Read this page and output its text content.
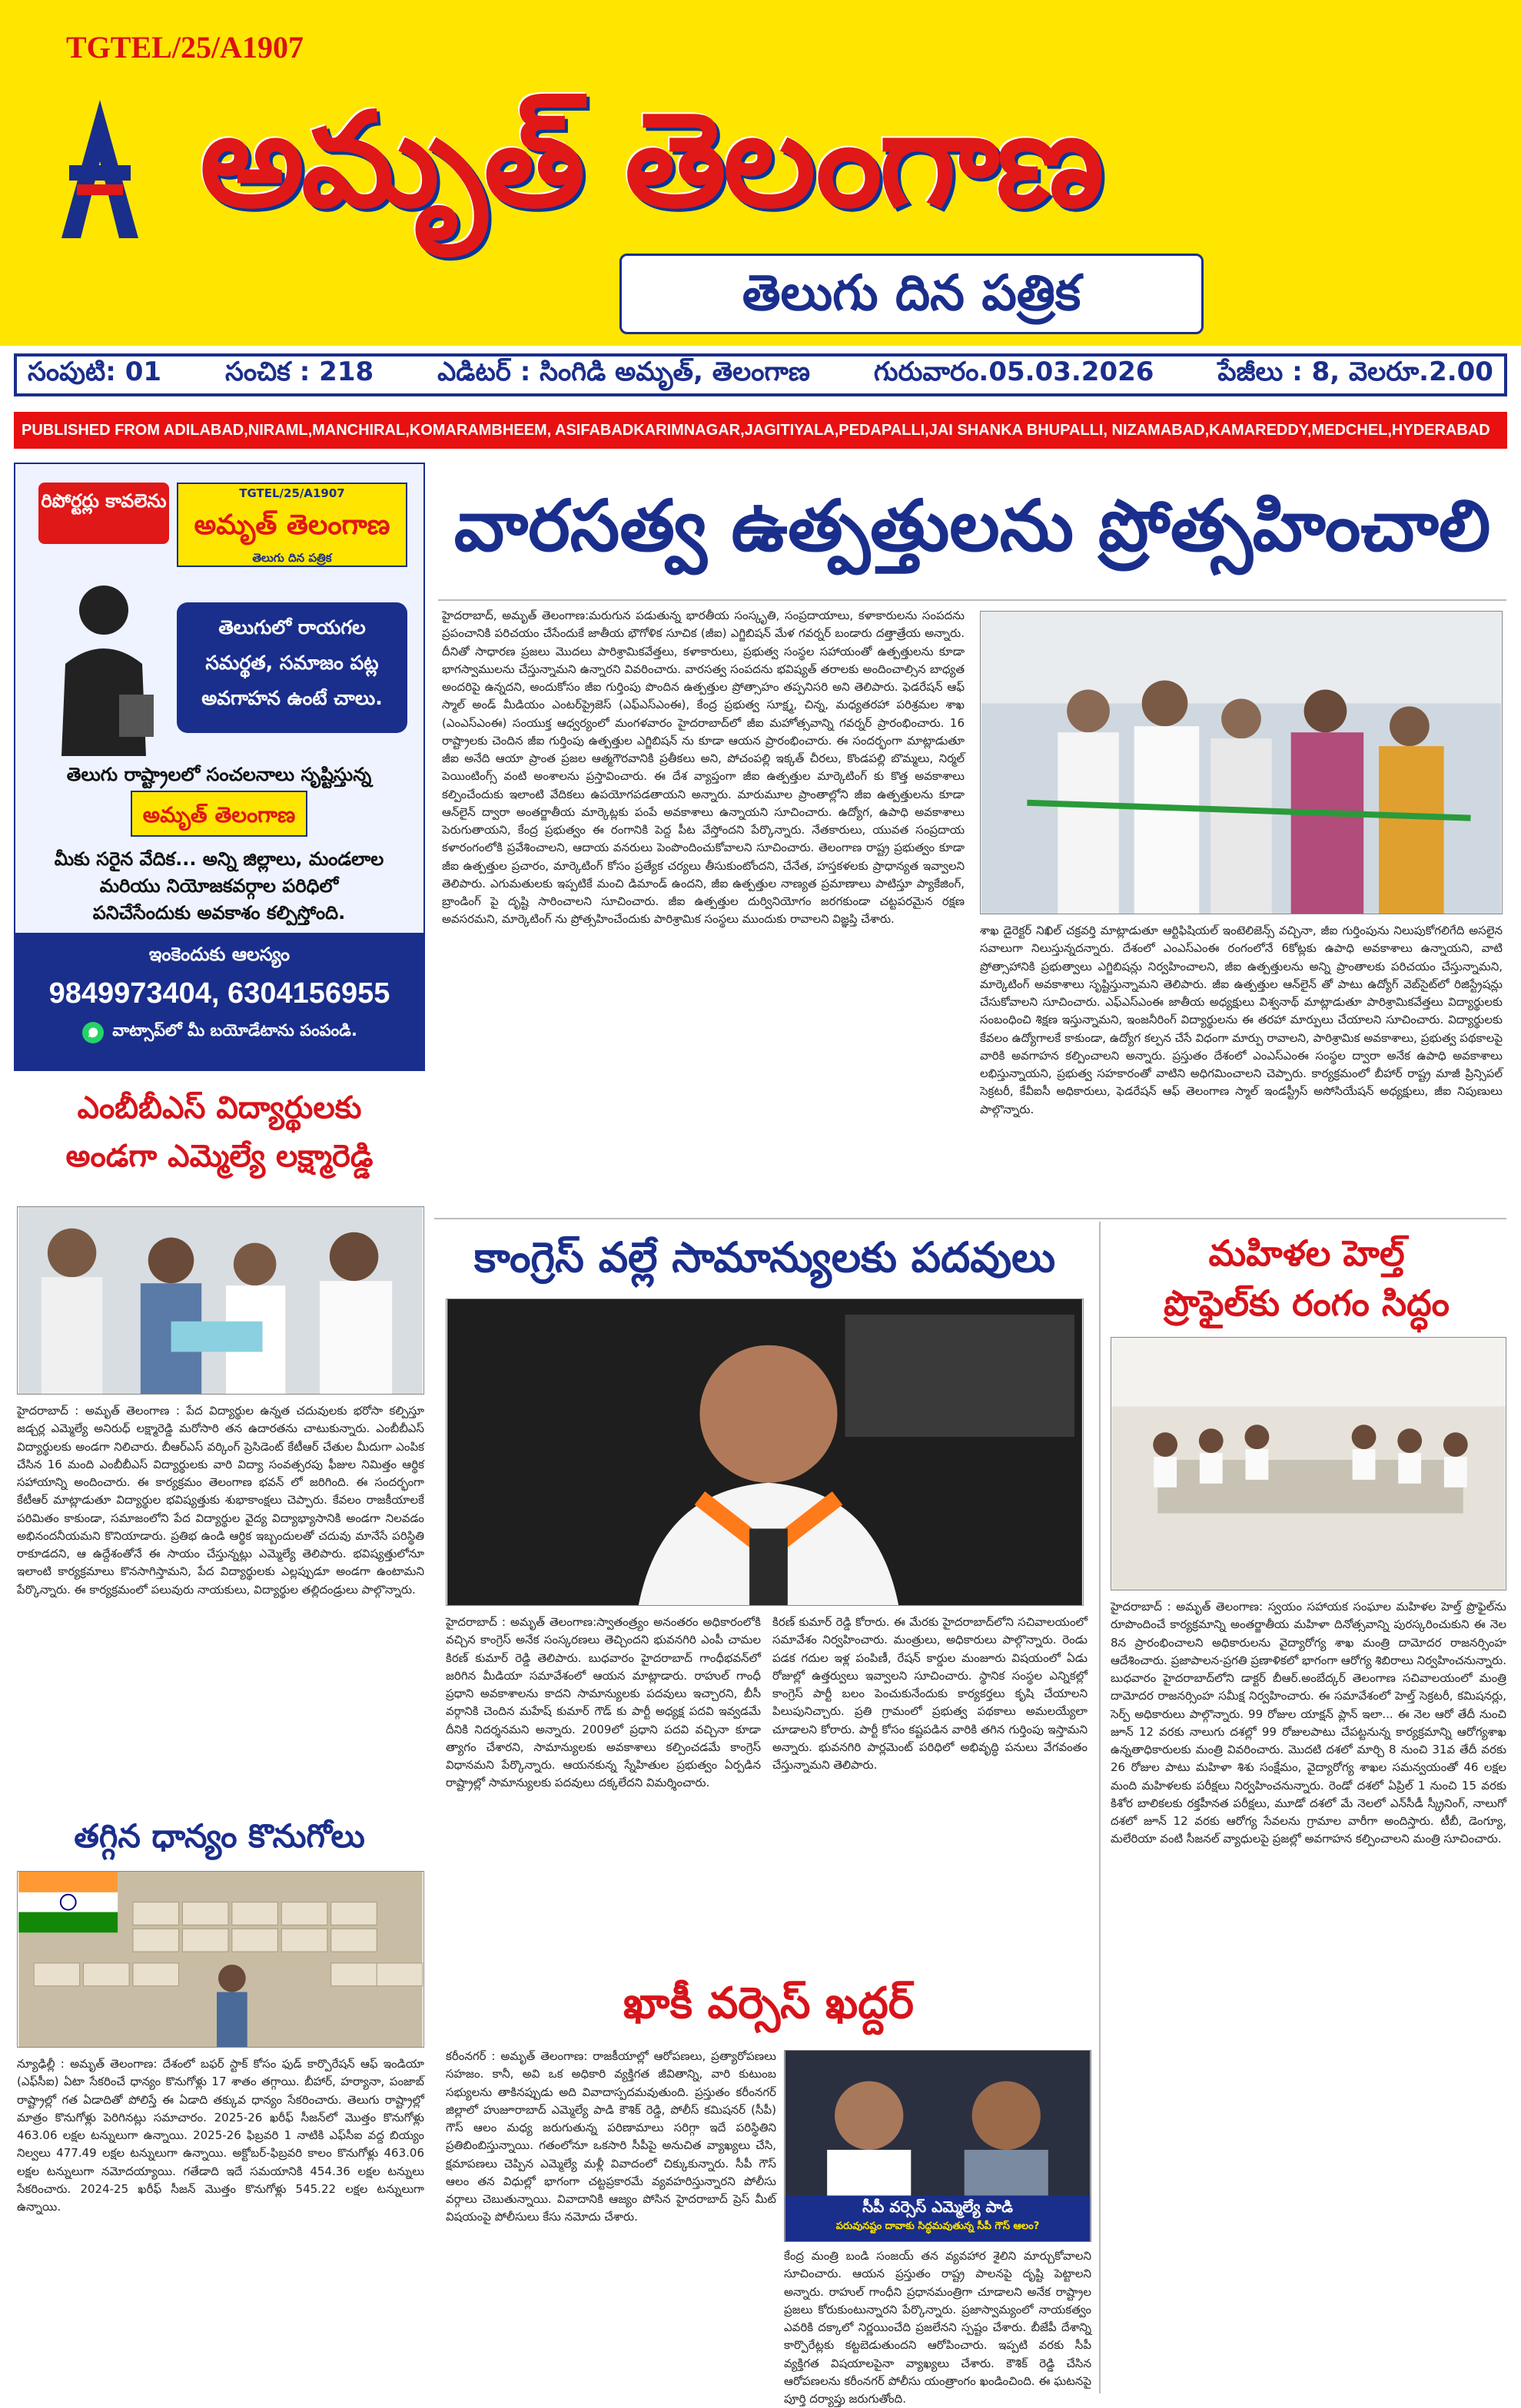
TGTEL/25/A1907
అమృత్ తెలంగాణ
తెలుగు దిన పత్రిక
సంపుటి: 01 సంచిక : 218 ఎడిటర్ : సింగిడి అమృత్, తెలంగాణ గురువారం.05.03.2026 పేజీలు : 8, వెలరూ.2.00
PUBLISHED FROM ADILABAD,NIRAML,MANCHIRAL,KOMARAMBHEEM, ASIFABADKARIMNAGAR,JAGITIYALA,PEDAPALLI,JAI SHANKA BHUPALLI, NIZAMABAD,KAMAREDDY,MEDCHEL,HYDERABAD
రిపోర్టర్లు కావలెను	TGTEL/25/A1907
అమృత్ తెలంగాణ
తెలుగు దిన పత్రిక
తెలుగులో రాయగల
సమర్థత, సమాజం పట్ల
అవగాహన ఉంటే చాలు.
తెలుగు రాష్ట్రాలలో సంచలనాలు సృష్టిస్తున్న
అమృత్ తెలంగాణ
మీకు సరైన వేదిక... అన్ని జిల్లాలు, మండలాల
మరియు నియోజకవర్గాల పరిధిలో
పనిచేసేందుకు అవకాశం కల్పిస్తోంది.
ఇంకెందుకు ఆలస్యం
9849973404, 6304156955
వాట్సాప్‌లో మీ బయోడేటాను పంపండి.
వారసత్వ ఉత్పత్తులను ప్రోత్సహించాలి
హైదరాబాద్, అమృత్ తెలంగాణ:మరుగున పడుతున్న భారతీయ సంస్కృతి, సంప్రదాయాలు, కళాకారులను సంపదను ప్రపంచానికి పరిచయం చేసేందుకే జాతీయ భౌగోళిక సూచిక (జీఐ) ఎగ్జిబిషన్ మేళ గవర్నర్ బండారు దత్తాత్రేయ అన్నారు. దీనితో సాధారణ ప్రజలు మొదలు పారిశ్రామికవేత్తలు, కళాకారులు, ప్రభుత్వ సంస్థల సహాయంతో ఉత్పత్తులను కూడా భాగస్వాములను చేస్తున్నామని ఉన్నారని వివరించారు. వారసత్వ సంపదను భవిష్యత్ తరాలకు అందించాల్సిన బాధ్యత అందరిపై ఉన్నదని, అందుకోసం జీఐ గుర్తింపు పొందిన ఉత్పత్తుల ప్రోత్సాహం తప్పనిసరి అని తెలిపారు. ఫెడరేషన్ ఆఫ్ స్మాల్ అండ్ మీడియం ఎంటర్‌ప్రైజెస్ (ఎఫ్ఎస్ఎంఈ), కేంద్ర ప్రభుత్వ సూక్ష్మ, చిన్న, మధ్యతరహా పరిశ్రమల శాఖ (ఎంఎస్ఎంఈ) సంయుక్త ఆధ్వర్యంలో మంగళవారం హైదరాబాద్‌లో జీఐ మహోత్సవాన్ని గవర్నర్ ప్రారంభించారు. 16 రాష్ట్రాలకు చెందిన జీఐ గుర్తింపు ఉత్పత్తుల ఎగ్జిబిషన్ ను కూడా ఆయన ప్రారంభించారు. ఈ సందర్భంగా మాట్లాడుతూ జీఐ అనేది ఆయా ప్రాంత ప్రజల ఆత్మగౌరవానికి ప్రతీకలు అని, పోచంపల్లి ఇక్కత్ చీరలు, కొండపల్లి బొమ్మలు, నిర్మల్ పెయింటింగ్స్ వంటి అంశాలను ప్రస్తావించారు. ఈ దేశ వ్యాప్తంగా జీఐ ఉత్పత్తుల మార్కెటింగ్ కు కొత్త అవకాశాలు కల్పించేందుకు ఇలాంటి వేదికలు ఉపయోగపడతాయని అన్నారు. మారుమూల ప్రాంతాల్లోని జీఐ ఉత్పత్తులను కూడా ఆన్‌లైన్ ద్వారా అంతర్జాతీయ మార్కెట్లకు పంపే అవకాశాలు ఉన్నాయని సూచించారు. ఉద్యోగ, ఉపాధి అవకాశాలు పెరుగుతాయని, కేంద్ర ప్రభుత్వం ఈ రంగానికి పెద్ద పీట వేస్తోందని పేర్కొన్నారు. నేతకారులు, యువత సంప్రదాయ కళారంగంలోకి ప్రవేశించాలని, ఆదాయ వనరులు పెంపొందించుకోవాలని సూచించారు. తెలంగాణ రాష్ట్ర ప్రభుత్వం కూడా జీఐ ఉత్పత్తుల ప్రచారం, మార్కెటింగ్ కోసం ప్రత్యేక చర్యలు తీసుకుంటోందని, చేనేత, హస్తకళలకు ప్రాధాన్యత ఇవ్వాలని తెలిపారు. ఎగుమతులకు ఇప్పటికే మంచి డిమాండ్ ఉందని, జీఐ ఉత్పత్తుల నాణ్యత ప్రమాణాలు పాటిస్తూ ప్యాకేజింగ్, బ్రాండింగ్ పై దృష్టి సారించాలని సూచించారు. జీఐ ఉత్పత్తుల దుర్వినియోగం జరగకుండా చట్టపరమైన రక్షణ అవసరమని, మార్కెటింగ్ ను ప్రోత్సహించేందుకు పారిశ్రామిక సంస్థలు ముందుకు రావాలని విజ్ఞప్తి చేశారు.
శాఖ డైరెక్టర్ నిఖిల్ చక్రవర్తి మాట్లాడుతూ ఆర్టిఫిషియల్ ఇంటెలిజెన్స్ వచ్చినా, జీఐ గుర్తింపును నిలుపుకోగలిగేది అసలైన సవాలుగా నిలుస్తున్నదన్నారు. దేశంలో ఎంఎస్ఎంఈ రంగంలోనే 6కోట్లకు ఉపాధి అవకాశాలు ఉన్నాయని, వాటి ప్రోత్సాహానికి ప్రభుత్వాలు ఎగ్జిబిషన్లు నిర్వహించాలని, జీఐ ఉత్పత్తులను అన్ని ప్రాంతాలకు పరిచయం చేస్తున్నామని, మార్కెటింగ్ అవకాశాలు సృష్టిస్తున్నామని తెలిపారు. జీఐ ఉత్పత్తుల ఆన్‌లైన్ తో పాటు ఉద్యోగ్ వెబ్‌సైట్‌లో రిజిస్ట్రేషన్లు చేసుకోవాలని సూచించారు. ఎఫ్ఎస్ఎంఈ జాతీయ అధ్యక్షులు విశ్వనాథ్ మాట్లాడుతూ పారిశ్రామికవేత్తలు విద్యార్థులకు సంబంధించి శిక్షణ ఇస్తున్నామని, ఇంజనీరింగ్ విద్యార్థులను ఈ తరహా మార్పులు చేయాలని సూచించారు. విద్యార్థులకు కేవలం ఉద్యోగాలకే కాకుండా, ఉద్యోగ కల్పన చేసే విధంగా మార్పు రావాలని, పారిశ్రామిక అవకాశాలు, ప్రభుత్వ పథకాలపై వారికి అవగాహన కల్పించాలని అన్నారు. ప్రస్తుతం దేశంలో ఎంఎస్ఎంఈ సంస్థల ద్వారా అనేక ఉపాధి అవకాశాలు లభిస్తున్నాయని, ప్రభుత్వ సహకారంతో వాటిని అధిగమించాలని చెప్పారు. కార్యక్రమంలో బీహార్ రాష్ట్ర మాజీ ప్రిన్సిపల్ సెక్రటరీ, కేవీఐసీ అధికారులు, ఫెడరేషన్ ఆఫ్ తెలంగాణ స్మాల్ ఇండస్ట్రీస్ అసోసియేషన్ అధ్యక్షులు, జీఐ నిపుణులు పాల్గొన్నారు.
ఎంబీబీఎస్ విద్యార్థులకు
అండగా ఎమ్మెల్యే లక్ష్మారెడ్డి
హైదరాబాద్ : అమృత్ తెలంగాణ : పేద విద్యార్థుల ఉన్నత చదువులకు భరోసా కల్పిస్తూ జడ్చర్ల ఎమ్మెల్యే అనిరుధ్ లక్ష్మారెడ్డి మరోసారి తన ఉదారతను చాటుకున్నారు. ఎంబీబీఎస్ విద్యార్థులకు అండగా నిలిచారు. బీఆర్ఎస్ వర్కింగ్ ప్రెసిడెంట్ కేటీఆర్ చేతుల మీదుగా ఎంపిక చేసిన 16 మంది ఎంబీబీఎస్ విద్యార్థులకు వారి విద్యా సంవత్సరపు ఫీజుల నిమిత్తం ఆర్థిక సహాయాన్ని అందించారు. ఈ కార్యక్రమం తెలంగాణ భవన్ లో జరిగింది. ఈ సందర్భంగా కేటీఆర్ మాట్లాడుతూ విద్యార్థుల భవిష్యత్తుకు శుభాకాంక్షలు చెప్పారు. కేవలం రాజకీయాలకే పరిమితం కాకుండా, సమాజంలోని పేద విద్యార్థుల వైద్య విద్యాభ్యాసానికి అండగా నిలవడం అభినందనీయమని కొనియాడారు. ప్రతిభ ఉండి ఆర్థిక ఇబ్బందులతో చదువు మానేసే పరిస్థితి రాకూడదని, ఆ ఉద్దేశంతోనే ఈ సాయం చేస్తున్నట్లు ఎమ్మెల్యే తెలిపారు. భవిష్యత్తులోనూ ఇలాంటి కార్యక్రమాలు కొనసాగిస్తామని, పేద విద్యార్థులకు ఎల్లప్పుడూ అండగా ఉంటామని పేర్కొన్నారు. ఈ కార్యక్రమంలో పలువురు నాయకులు, విద్యార్థుల తల్లిదండ్రులు పాల్గొన్నారు.
తగ్గిన ధాన్యం కొనుగోలు
న్యూఢిల్లీ : అమృత్ తెలంగాణ: దేశంలో బఫర్ స్టాక్ కోసం ఫుడ్ కార్పొరేషన్ ఆఫ్ ఇండియా (ఎఫ్‌సీఐ) ఏటా సేకరించే ధాన్యం కొనుగోళ్లు 17 శాతం తగ్గాయి. బీహార్, హర్యానా, పంజాబ్ రాష్ట్రాల్లో గత ఏడాదితో పోలిస్తే ఈ ఏడాది తక్కువ ధాన్యం సేకరించారు. తెలుగు రాష్ట్రాల్లో మాత్రం కొనుగోళ్లు పెరిగినట్లు సమాచారం. 2025-26 ఖరీఫ్ సీజన్‌లో మొత్తం కొనుగోళ్లు 463.06 లక్షల టన్నులుగా ఉన్నాయి. 2025-26 ఫిబ్రవరి 1 నాటికి ఎఫ్‌సీఐ వద్ద బియ్యం నిల్వలు 477.49 లక్షల టన్నులుగా ఉన్నాయి. అక్టోబర్-ఫిబ్రవరి కాలం కొనుగోళ్లు 463.06 లక్షల టన్నులుగా నమోదయ్యాయి. గతేడాది ఇదే సమయానికి 454.36 లక్షల టన్నులు సేకరించారు. 2024-25 ఖరీఫ్ సీజన్ మొత్తం కొనుగోళ్లు 545.22 లక్షల టన్నులుగా ఉన్నాయి.
కాంగ్రెస్ వల్లే సామాన్యులకు పదవులు
హైదరాబాద్ : అమృత్ తెలంగాణ:స్వాతంత్ర్యం అనంతరం అధికారంలోకి వచ్చిన కాంగ్రెస్ అనేక సంస్కరణలు తెచ్చిందని భువనగిరి ఎంపీ చామల కిరణ్ కుమార్ రెడ్డి తెలిపారు. బుధవారం హైదరాబాద్ గాంధీభవన్‌లో జరిగిన మీడియా సమావేశంలో ఆయన మాట్లాడారు. రాహుల్ గాంధీ ప్రధాని అవకాశాలను కాదని సామాన్యులకు పదవులు ఇచ్చారని, బీసీ వర్గానికి చెందిన మహేష్ కుమార్ గౌడ్ కు పార్టీ అధ్యక్ష పదవి ఇవ్వడమే దీనికి నిదర్శనమని అన్నారు. 2009లో ప్రధాని పదవి వచ్చినా కూడా త్యాగం చేశారని, సామాన్యులకు అవకాశాలు కల్పించడమే కాంగ్రెస్ విధానమని పేర్కొన్నారు. ఆయనకున్న స్నేహితుల ప్రభుత్వం ఏర్పడిన రాష్ట్రాల్లో సామాన్యులకు పదవులు దక్కలేదని విమర్శించారు.
కిరణ్ కుమార్ రెడ్డి కోరారు. ఈ మేరకు హైదరాబాద్‌లోని సచివాలయంలో సమావేశం నిర్వహించారు. మంత్రులు, అధికారులు పాల్గొన్నారు. రెండు పడక గదుల ఇళ్ల పంపిణీ, రేషన్ కార్డుల మంజూరు విషయంలో ఏడు రోజుల్లో ఉత్తర్వులు ఇవ్వాలని సూచించారు. స్థానిక సంస్థల ఎన్నికల్లో కాంగ్రెస్ పార్టీ బలం పెంచుకునేందుకు కార్యకర్తలు కృషి చేయాలని పిలుపునిచ్చారు. ప్రతి గ్రామంలో ప్రభుత్వ పథకాలు అమలయ్యేలా చూడాలని కోరారు. పార్టీ కోసం కష్టపడిన వారికి తగిన గుర్తింపు ఇస్తామని అన్నారు. భువనగిరి పార్లమెంట్ పరిధిలో అభివృద్ధి పనులు వేగవంతం చేస్తున్నామని తెలిపారు.
ఖాకీ వర్సెస్ ఖద్దర్
కరీంనగర్ : అమృత్ తెలంగాణ: రాజకీయాల్లో ఆరోపణలు, ప్రత్యారోపణలు సహజం. కానీ, అవి ఒక అధికారి వ్యక్తిగత జీవితాన్ని, వారి కుటుంబ సభ్యులను తాకినప్పుడు అది వివాదాస్పదమవుతుంది. ప్రస్తుతం కరీంనగర్ జిల్లాలో హుజూరాబాద్ ఎమ్మెల్యే పాడి కౌశిక్ రెడ్డి, పోలీస్ కమిషనర్ (సీపీ) గౌస్ ఆలం మధ్య జరుగుతున్న పరిణామాలు సరిగ్గా ఇదే పరిస్థితిని ప్రతిబింబిస్తున్నాయి. గతంలోనూ ఒకసారి సీపీపై అనుచిత వ్యాఖ్యలు చేసి, క్షమాపణలు చెప్పిన ఎమ్మెల్యే మళ్లీ వివాదంలో చిక్కుకున్నారు. సీపీ గౌస్ ఆలం తన విధుల్లో భాగంగా చట్టప్రకారమే వ్యవహరిస్తున్నారని పోలీసు వర్గాలు చెబుతున్నాయి. వివాదానికి ఆజ్యం పోసిన హైదరాబాద్ ప్రెస్ మీట్ విషయంపై పోలీసులు కేసు నమోదు చేశారు.
సీపీ వర్సెస్ ఎమ్మెల్యే పాడి
పరువునష్టం దావాకు సిద్ధమవుతున్న సీపీ గౌస్ ఆలం?
కేంద్ర మంత్రి బండి సంజయ్ తన వ్యవహార శైలిని మార్చుకోవాలని సూచించారు. ఆయన ప్రస్తుతం రాష్ట్ర పాలనపై దృష్టి పెట్టాలని అన్నారు. రాహుల్ గాంధీని ప్రధానమంత్రిగా చూడాలని అనేక రాష్ట్రాల ప్రజలు కోరుకుంటున్నారని పేర్కొన్నారు. ప్రజాస్వామ్యంలో నాయకత్వం ఎవరికి దక్కాలో నిర్ణయించేది ప్రజలేనని స్పష్టం చేశారు. బీజేపీ దేశాన్ని కార్పొరేట్లకు కట్టబెడుతుందని ఆరోపించారు. ఇప్పటి వరకు సీపీ వ్యక్తిగత విషయాలపైనా వ్యాఖ్యలు చేశారు. కౌశిక్ రెడ్డి చేసిన ఆరోపణలను కరీంనగర్ పోలీసు యంత్రాంగం ఖండించింది. ఈ ఘటనపై పూర్తి దర్యాప్తు జరుగుతోంది.
మహిళల హెల్త్
ప్రొఫైల్‌కు రంగం సిద్ధం
హైదరాబాద్ : అమృత్ తెలంగాణ: స్వయం సహాయక సంఘాల మహిళల హెల్త్ ప్రొఫైల్‌ను రూపొందించే కార్యక్రమాన్ని అంతర్జాతీయ మహిళా దినోత్సవాన్ని పురస్కరించుకుని ఈ నెల 8న ప్రారంభించాలని అధికారులను వైద్యారోగ్య శాఖ మంత్రి దామోదర రాజనర్సింహ ఆదేశించారు. ప్రజాపాలన-ప్రగతి ప్రణాళికలో భాగంగా ఆరోగ్య శిబిరాలు నిర్వహించనున్నారు. బుధవారం హైదరాబాద్‌లోని డాక్టర్ బీఆర్.అంబేద్కర్ తెలంగాణ సచివాలయంలో మంత్రి దామోదర రాజనర్సింహ సమీక్ష నిర్వహించారు. ఈ సమావేశంలో హెల్త్ సెక్రటరీ, కమిషనర్లు, సెర్ప్ అధికారులు పాల్గొన్నారు. 99 రోజుల యాక్షన్ ప్లాన్ ఇలా... ఈ నెల ఆరో తేదీ నుంచి జూన్ 12 వరకు నాలుగు దశల్లో 99 రోజులపాటు చేపట్టనున్న కార్యక్రమాన్ని ఆరోగ్యశాఖ ఉన్నతాధికారులకు మంత్రి వివరించారు. మొదటి దశలో మార్చి 8 నుంచి 31వ తేదీ వరకు 26 రోజుల పాటు మహిళా శిశు సంక్షేమం, వైద్యారోగ్య శాఖల సమన్వయంతో 46 లక్షల మంది మహిళలకు పరీక్షలు నిర్వహించనున్నారు. రెండో దశలో ఏప్రిల్ 1 నుంచి 15 వరకు కిశోర బాలికలకు రక్తహీనత పరీక్షలు, మూడో దశలో మే నెలలో ఎన్‌సీడీ స్క్రీనింగ్, నాలుగో దశలో జూన్ 12 వరకు ఆరోగ్య సేవలను గ్రామాల వారీగా అందిస్తారు. టీబీ, డెంగ్యూ, మలేరియా వంటి సీజనల్ వ్యాధులపై ప్రజల్లో అవగాహన కల్పించాలని మంత్రి సూచించారు.
